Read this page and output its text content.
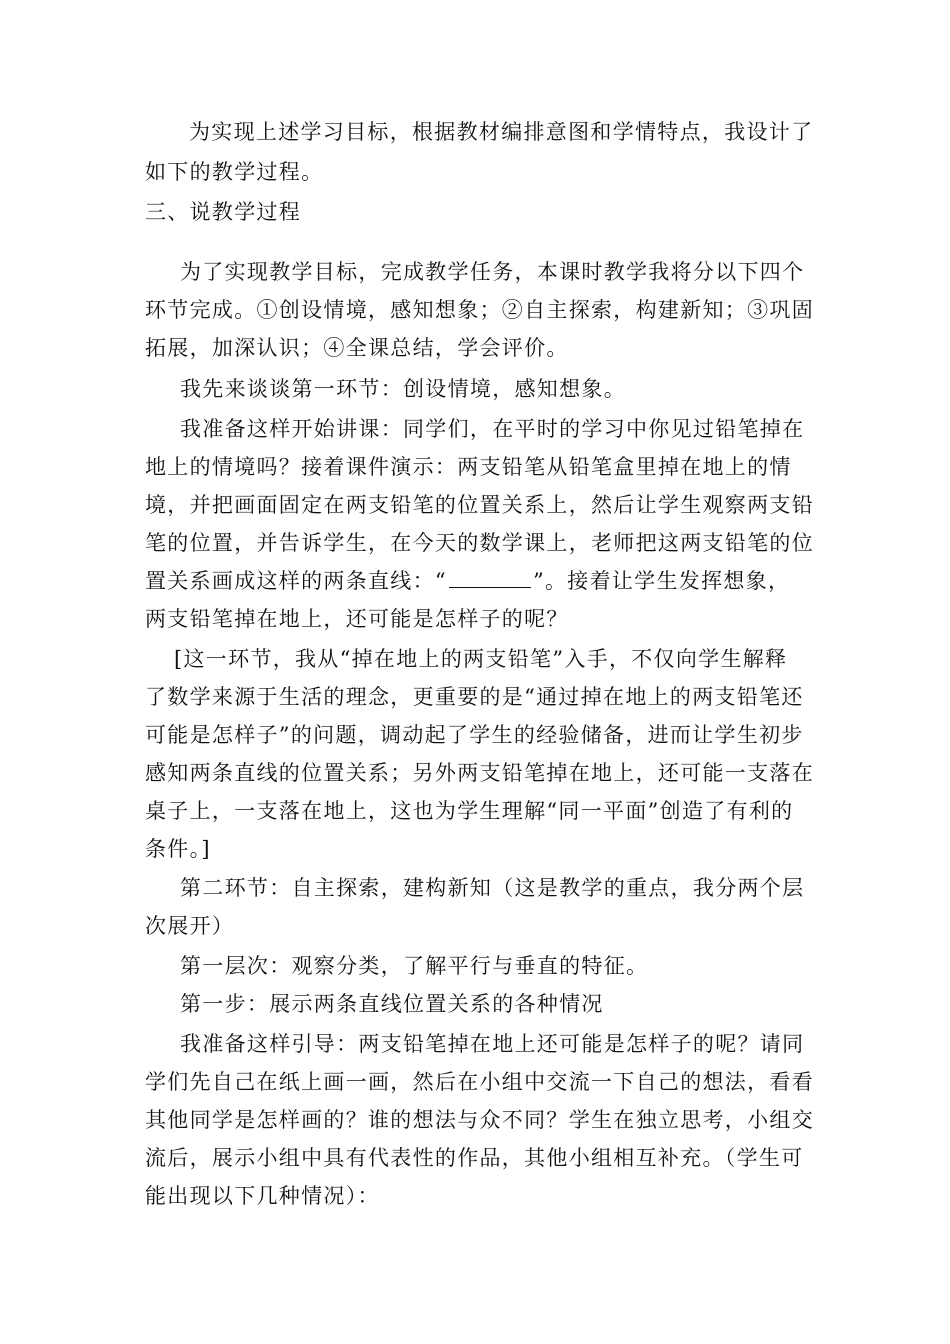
为实现上述学习目标，根据教材编排意图和学情特点，我设计了
如下的教学过程。
三、说教学过程
为了实现教学目标，完成教学任务，本课时教学我将分以下四个
环节完成。①创设情境，感知想象；②自主探索，构建新知；③巩固
拓展，加深认识；④全课总结，学会评价。
我先来谈谈第一环节：创设情境，感知想象。
我准备这样开始讲课：同学们，在平时的学习中你见过铅笔掉在
地上的情境吗？接着课件演示：两支铅笔从铅笔盒里掉在地上的情
境，并把画面固定在两支铅笔的位置关系上，然后让学生观察两支铅
笔的位置，并告诉学生，在今天的数学课上，老师把这两支铅笔的位
置关系画成这样的两条直线：“	”。接着让学生发挥想象，
两支铅笔掉在地上，还可能是怎样子的呢？
[这一环节，我从“掉在地上的两支铅笔”入手，不仅向学生解释
了数学来源于生活的理念，更重要的是“通过掉在地上的两支铅笔还
可能是怎样子”的问题，调动起了学生的经验储备，进而让学生初步
感知两条直线的位置关系；另外两支铅笔掉在地上，还可能一支落在
桌子上，一支落在地上，这也为学生理解“同一平面”创造了有利的
条件。]
第二环节：自主探索，建构新知（这是教学的重点，我分两个层
次展开）
第一层次：观察分类，了解平行与垂直的特征。
第一步：展示两条直线位置关系的各种情况
我准备这样引导：两支铅笔掉在地上还可能是怎样子的呢？请同
学们先自己在纸上画一画，然后在小组中交流一下自己的想法，看看
其他同学是怎样画的？谁的想法与众不同？学生在独立思考，小组交
流后，展示小组中具有代表性的作品，其他小组相互补充。（学生可
能出现以下几种情况）：
